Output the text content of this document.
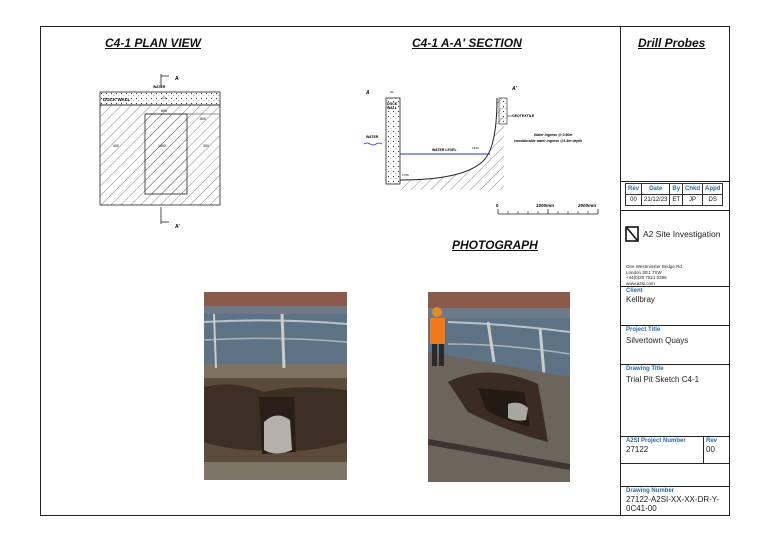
C4-1 PLAN VIEW	C4-1 A-A' SECTION
PHOTOGRAPH
Drill Probes
A
WATER
DOCK WALL	GL
850
800
400	1600	300
A'
A
A'
DOCK WALL
GL
WATER
WATER LEVEL	1200
1750
GEOTEXTILE
Water ingress @ 0.90m
considerable water ingress @1.5m depth
0	1000mm	2000mm
Rev	Date	By	Chkd	Appd
00	21/12/23	ET	JP	DS
A2 Site Investigation
One Westminster Bridge Rd
London SE1 7XW
+44(0)20 7521 0396
www.a2si.com
Client
Kellbray
Project Title
Silvertown Quays
Drawing Title
Trial Pit Sketch C4-1
A2SI Project Number
27122
Rev
00
Drawing Number
27122-A2SI-XX-XX-DR-Y-0C41-00
